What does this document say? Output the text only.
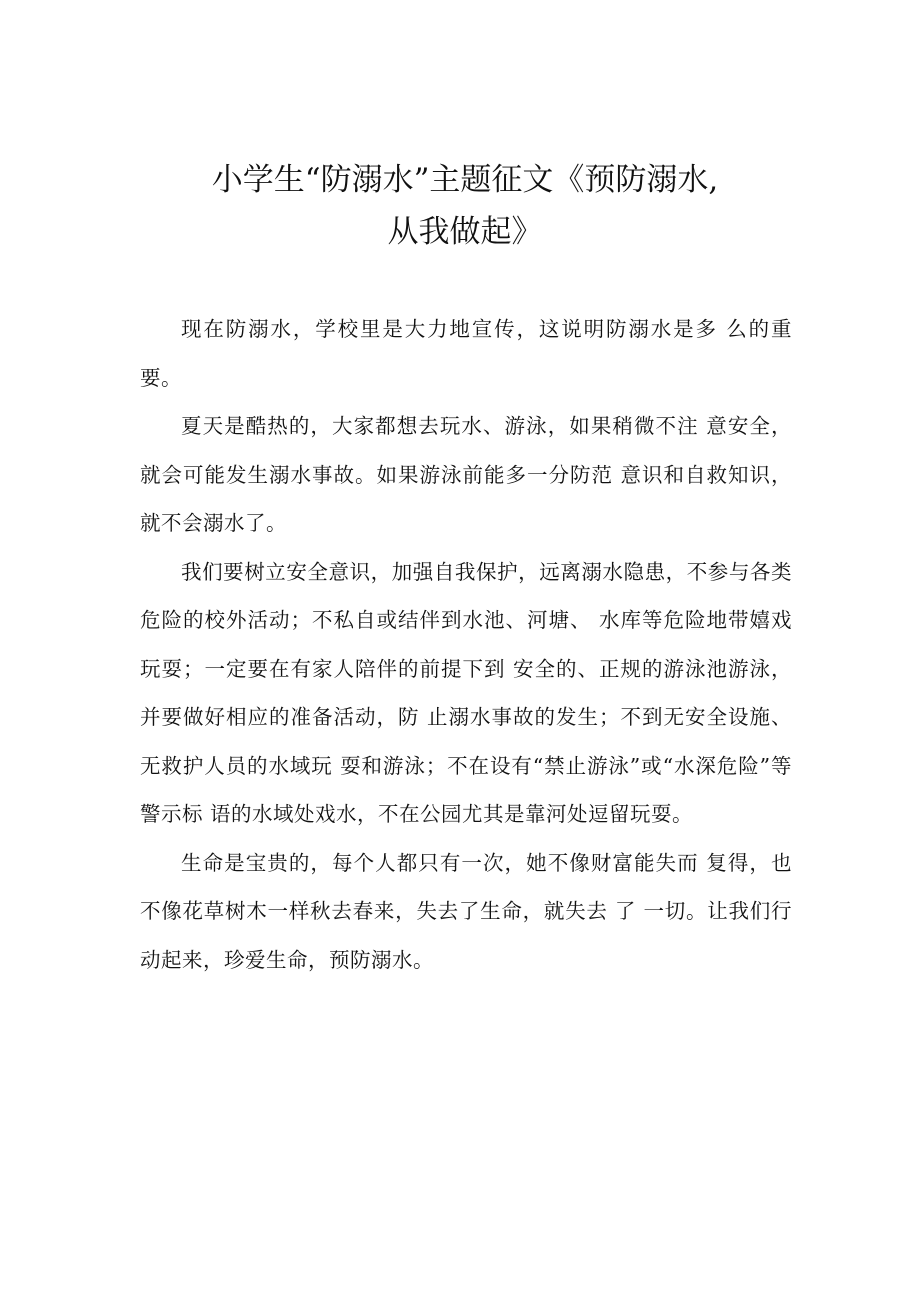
小学生“防溺水”主题征文《预防溺水,
从我做起》

现在防溺水，学校里是大力地宣传，这说明防溺水是多 么的重要。

夏天是酷热的，大家都想去玩水、游泳，如果稍微不注 意安全，就会可能发生溺水事故。如果游泳前能多一分防范 意识和自救知识，就不会溺水了。

我们要树立安全意识，加强自我保护，远离溺水隐患，不参与各类危险的校外活动；不私自或结伴到水池、河塘、 水库等危险地带嬉戏玩耍；一定要在有家人陪伴的前提下到 安全的、正规的游泳池游泳，并要做好相应的准备活动，防 止溺水事故的发生；不到无安全设施、无救护人员的水域玩 耍和游泳；不在设有“禁止游泳”或“水深危险”等警示标 语的水域处戏水，不在公园尤其是靠河处逗留玩耍。

生命是宝贵的，每个人都只有一次，她不像财富能失而 复得，也不像花草树木一样秋去春来，失去了生命，就失去 了 一切。让我们行动起来，珍爱生命，预防溺水。
